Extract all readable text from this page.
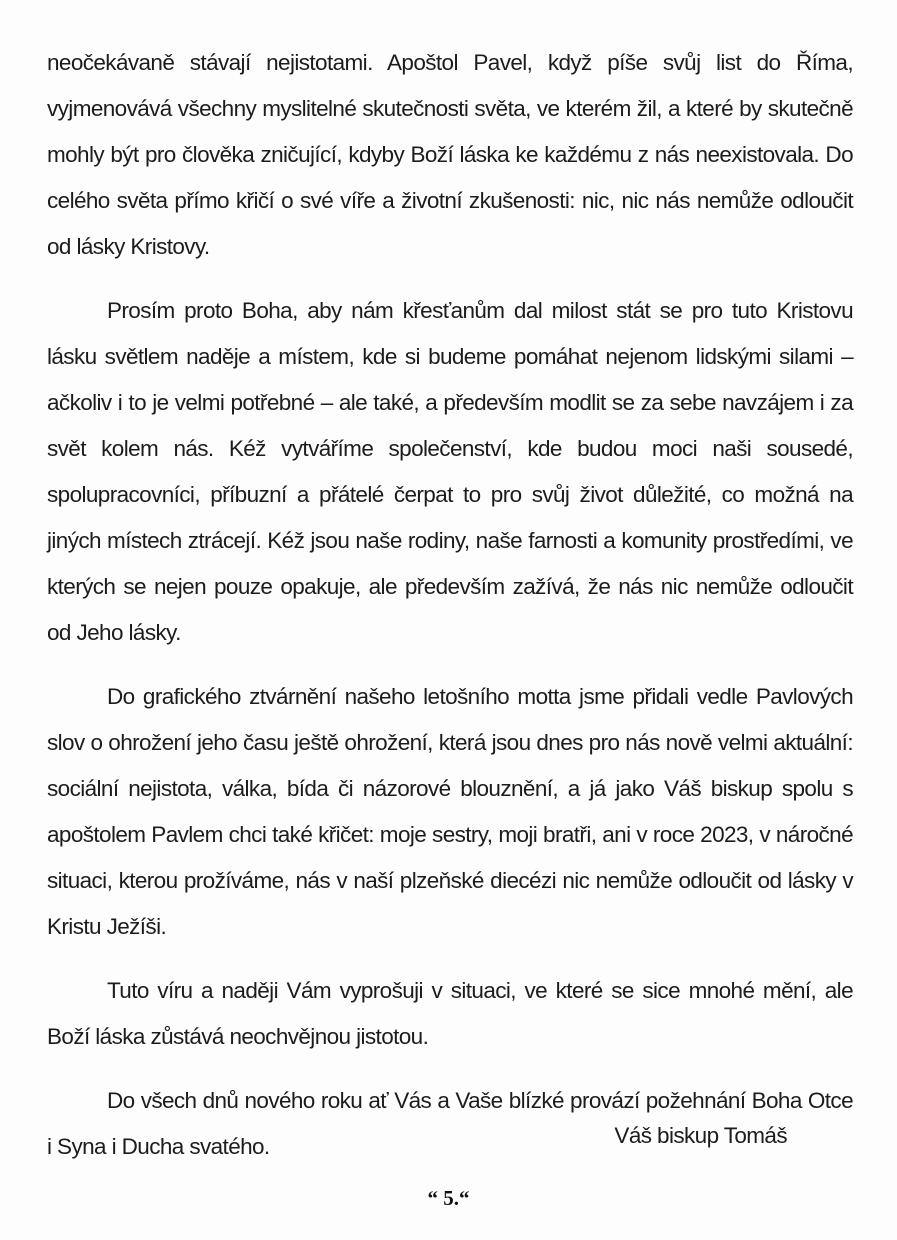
neočekávaně stávají nejistotami. Apoštol Pavel, když píše svůj list do Říma, vyjmenovává všechny myslitelné skutečnosti světa, ve kterém žil, a které by skutečně mohly být pro člověka zničující, kdyby Boží láska ke každému z nás neexistovala. Do celého světa přímo křičí o své víře a životní zkušenosti: nic, nic nás nemůže odloučit od lásky Kristovy.

Prosím proto Boha, aby nám křesťanům dal milost stát se pro tuto Kristovu lásku světlem naděje a místem, kde si budeme pomáhat nejenom lidskými silami – ačkoliv i to je velmi potřebné – ale také, a především modlit se za sebe navzájem i za svět kolem nás. Kéž vytváříme společenství, kde budou moci naši sousedé, spolupracovníci, příbuzní a přátelé čerpat to pro svůj život důležité, co možná na jiných místech ztrácejí. Kéž jsou naše rodiny, naše farnosti a komunity prostředími, ve kterých se nejen pouze opakuje, ale především zažívá, že nás nic nemůže odloučit od Jeho lásky.

Do grafického ztvárnění našeho letošního motta jsme přidali vedle Pavlových slov o ohrožení jeho času ještě ohrožení, která jsou dnes pro nás nově velmi aktuální: sociální nejistota, válka, bída či názorové blouznění, a já jako Váš biskup spolu s apoštolem Pavlem chci také křičet: moje sestry, moji bratři, ani v roce 2023, v náročné situaci, kterou prožíváme, nás v naší plzeňské diecézi nic nemůže odloučit od lásky v Kristu Ježíši.

Tuto víru a naději Vám vyprošuji v situaci, ve které se sice mnohé mění, ale Boží láska zůstává neochvějnou jistotou.

Do všech dnů nového roku ať Vás a Vaše blízké provází požehnání Boha Otce i Syna i Ducha svatého.	Váš biskup Tomáš
“ 5.“
